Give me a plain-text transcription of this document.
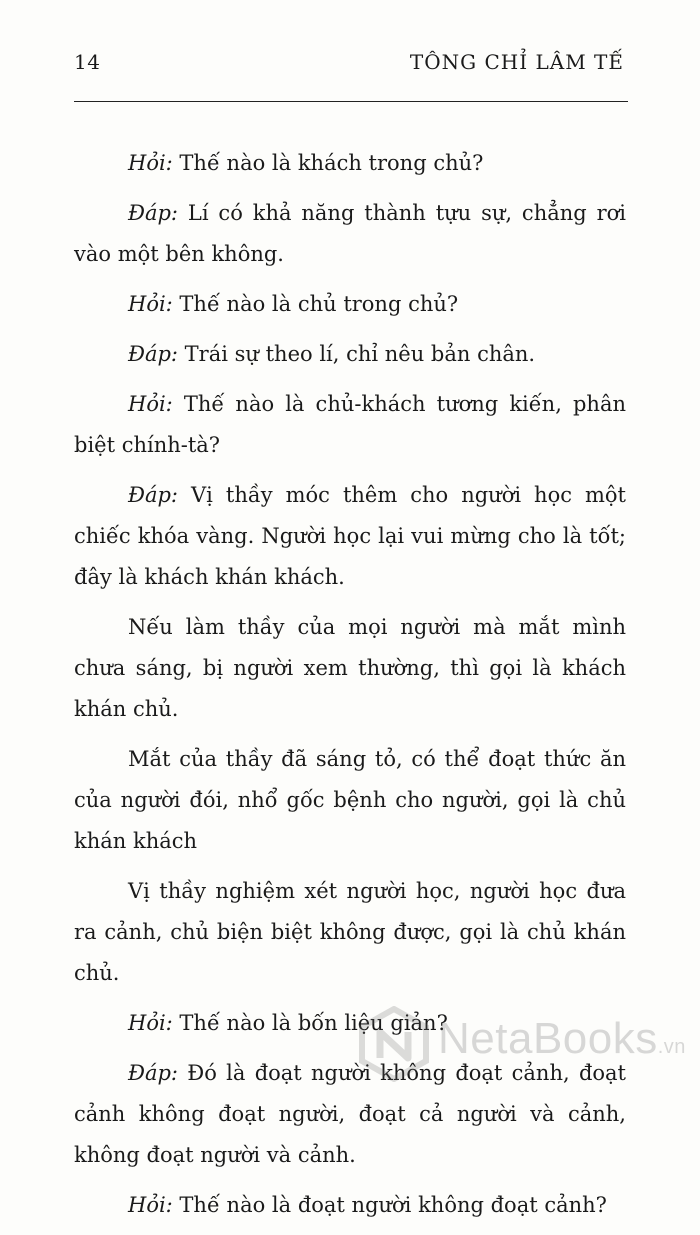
14	TÔNG CHỈ LÂM TẾ

Hỏi: Thế nào là khách trong chủ?

Đáp: Lí có khả năng thành tựu sự, chẳng rơi vào một bên không.

Hỏi: Thế nào là chủ trong chủ?

Đáp: Trái sự theo lí, chỉ nêu bản chân.

Hỏi: Thế nào là chủ-khách tương kiến, phân biệt chính-tà?

Đáp: Vị thầy móc thêm cho người học một chiếc khóa vàng. Người học lại vui mừng cho là tốt; đây là khách khán khách.

Nếu làm thầy của mọi người mà mắt mình chưa sáng, bị người xem thường, thì gọi là khách khán chủ.

Mắt của thầy đã sáng tỏ, có thể đoạt thức ăn của người đói, nhổ gốc bệnh cho người, gọi là chủ khán khách

Vị thầy nghiệm xét người học, người học đưa ra cảnh, chủ biện biệt không được, gọi là chủ khán chủ.

Hỏi: Thế nào là bốn liệu giản?

Đáp: Đó là đoạt người không đoạt cảnh, đoạt cảnh không đoạt người, đoạt cả người và cảnh, không đoạt người và cảnh.

Hỏi: Thế nào là đoạt người không đoạt cảnh?

NetaBooks.vn
